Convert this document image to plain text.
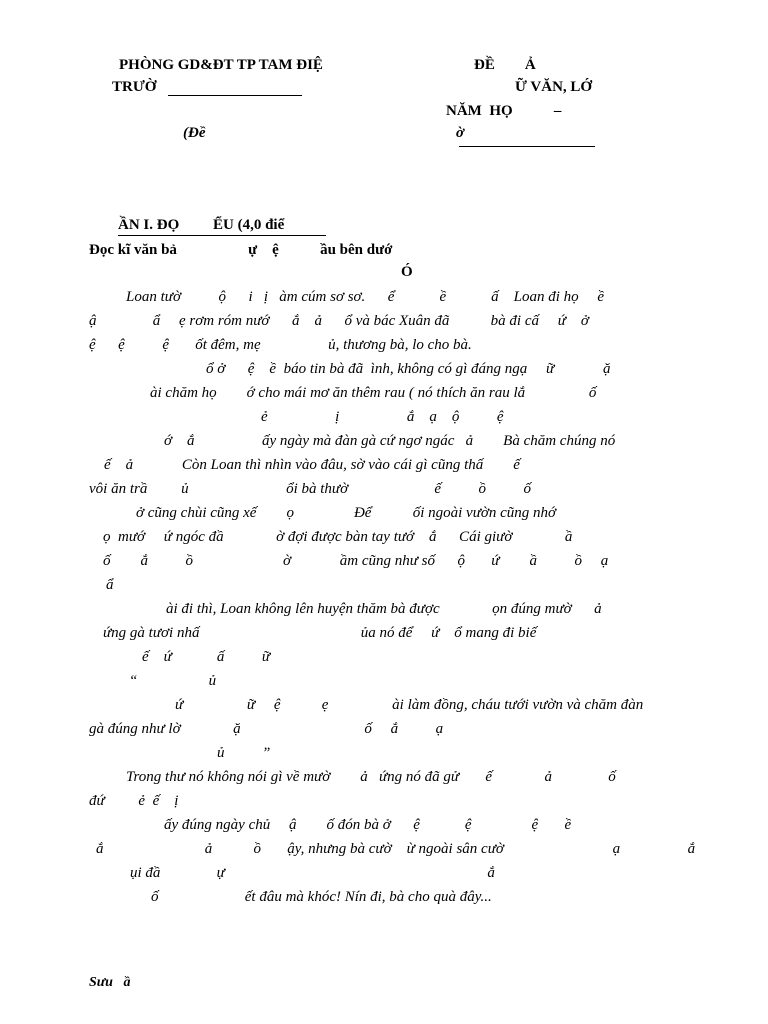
PHÒNG GD&ĐT TP TAM ĐIỆ
TRƯỜ
(Đề
ĐỀ        Ả
Ữ VĂN, LỚ
NĂM  HỌ           –
ờ
ẦN I. ĐỌ         ỂU (4,0 điể
Đọc kĩ văn bả                   ự    ệ           ầu bên dướ
Ó
Loan tườ          ộ      i   ị   àm cúm sơ sơ.      ể            ề            ấ    Loan đi họ     ề
ậ               ẩ     ẹ rơm róm nướ      ắ    ả      ổ và bác Xuân đã           bà đi cấ     ứ    ở
ệ      ệ          ệ       ốt đêm, mẹ                  ủ, thương bà, lo cho bà.
ổ ở      ệ    ề  báo tin bà đã  ình, không có gì đáng ngạ     ữ             ặ
ài chăm họ        ớ cho mái mơ ăn thêm rau ( nó thích ăn rau lắ                 ố
ẻ                  ị                  ắ    ạ    ộ          ệ
ớ    ắ                  ấy ngày mà đàn gà cứ ngơ ngác   ả        Bà chăm chúng nó
ế    ả             Còn Loan thì nhìn vào đâu, sờ vào cái gì cũng thấ        ế
vôi ăn trầ         ủ                          ổi bà thườ                       ế          ồ          ố
ở cũng chùi cũng xế        ọ                Để           ối ngoài vườn cũng nhớ
ọ  mướ     ứ ngóc đầ              ờ đợi được bàn tay tướ    ắ      Cái giườ              ầ
ố        ắ          ồ                        ờ             ầm cũng như số      ộ       ứ        ầ          ồ     ạ
ẩ
ài đi thì, Loan không lên huyện thăm bà được              ọn đúng mườ      ả
ứng gà tươi nhấ                                           ủa nó để     ứ    ổ mang đi biế
ế    ứ            ấ          ữ
“                   ủ
ứ                 ữ     ệ           ẹ                 ài làm đồng, cháu tưới vườn và chăm đàn
gà đúng như lờ              ặ                                 ố     ắ          ạ
ủ          ”
Trong thư nó không nói gì về mườ        ả   ứng nó đã gử       ế              ả               ố
đứ         ẻ  ế    ị
ấy đúng ngày chủ     ậ        ố đón bà ở      ệ            ệ                ệ       ề
ắ                           ả           ồ       ậy, nhưng bà cườ    ừ ngoài sân cườ                             ạ                  ắ
ụi đầ               ự                                                                      ắ
ố                       ết đâu mà khóc! Nín đi, bà cho quà đây...
Sưu   ầ
